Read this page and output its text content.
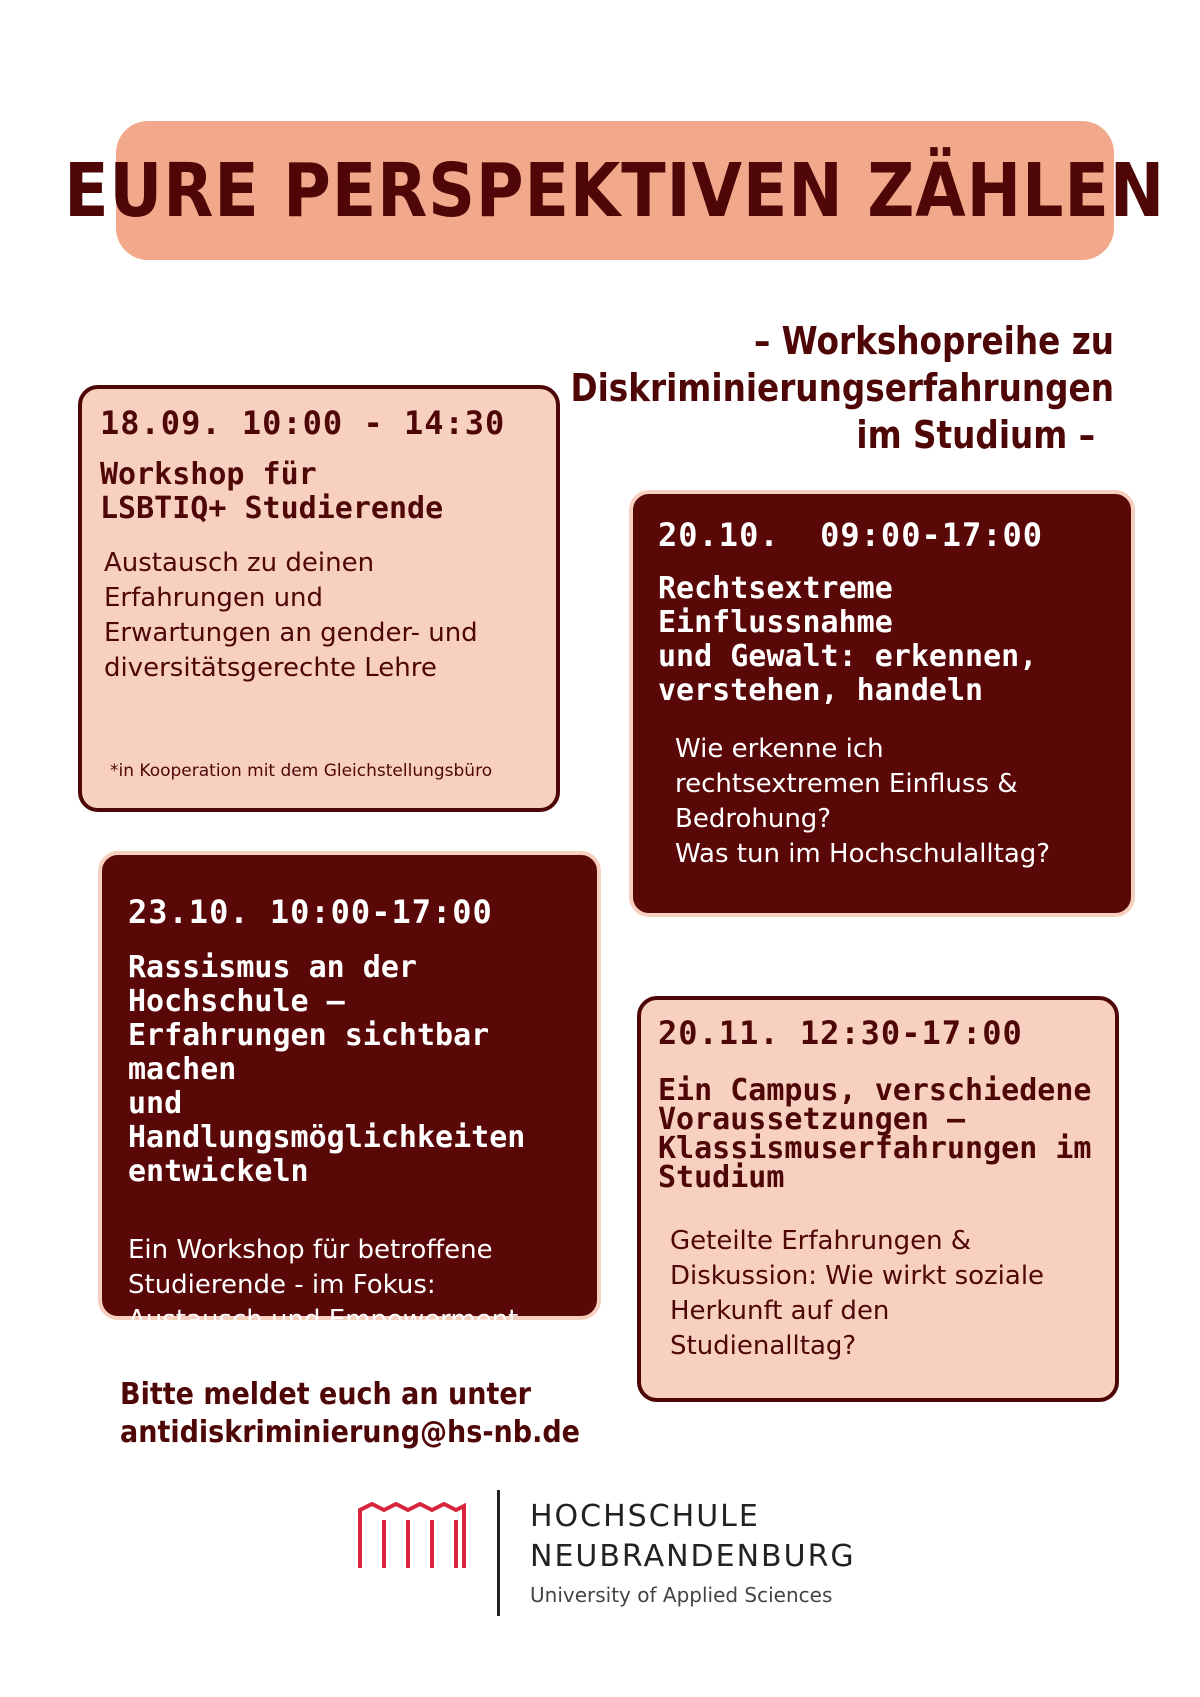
EURE PERSPEKTIVEN ZÄHLEN
– Workshopreihe zu
Diskriminierungserfahrungen
im Studium –
18.09. 10:00 - 14:30
Workshop für
LSBTIQ+ Studierende
Austausch zu deinen
Erfahrungen und
Erwartungen an gender- und
diversitätsgerechte Lehre
*in Kooperation mit dem Gleichstellungsbüro
20.10.  09:00-17:00
Rechtsextreme Einflussnahme
und Gewalt: erkennen,
verstehen, handeln
Wie erkenne ich
rechtsextremen Einfluss &
Bedrohung?
Was tun im Hochschulalltag?
23.10. 10:00-17:00
Rassismus an der Hochschule –
Erfahrungen sichtbar machen
und Handlungsmöglichkeiten
entwickeln
Ein Workshop für betroffene
Studierende - im Fokus:
Austausch und Empowerment
20.11. 12:30-17:00
Ein Campus, verschiedene
Voraussetzungen –
Klassismuserfahrungen im
Studium
Geteilte Erfahrungen &
Diskussion: Wie wirkt soziale
Herkunft auf den
Studienalltag?
Bitte meldet euch an unter
antidiskriminierung@hs-nb.de
HOCHSCHULE
NEUBRANDENBURG
University of Applied Sciences
